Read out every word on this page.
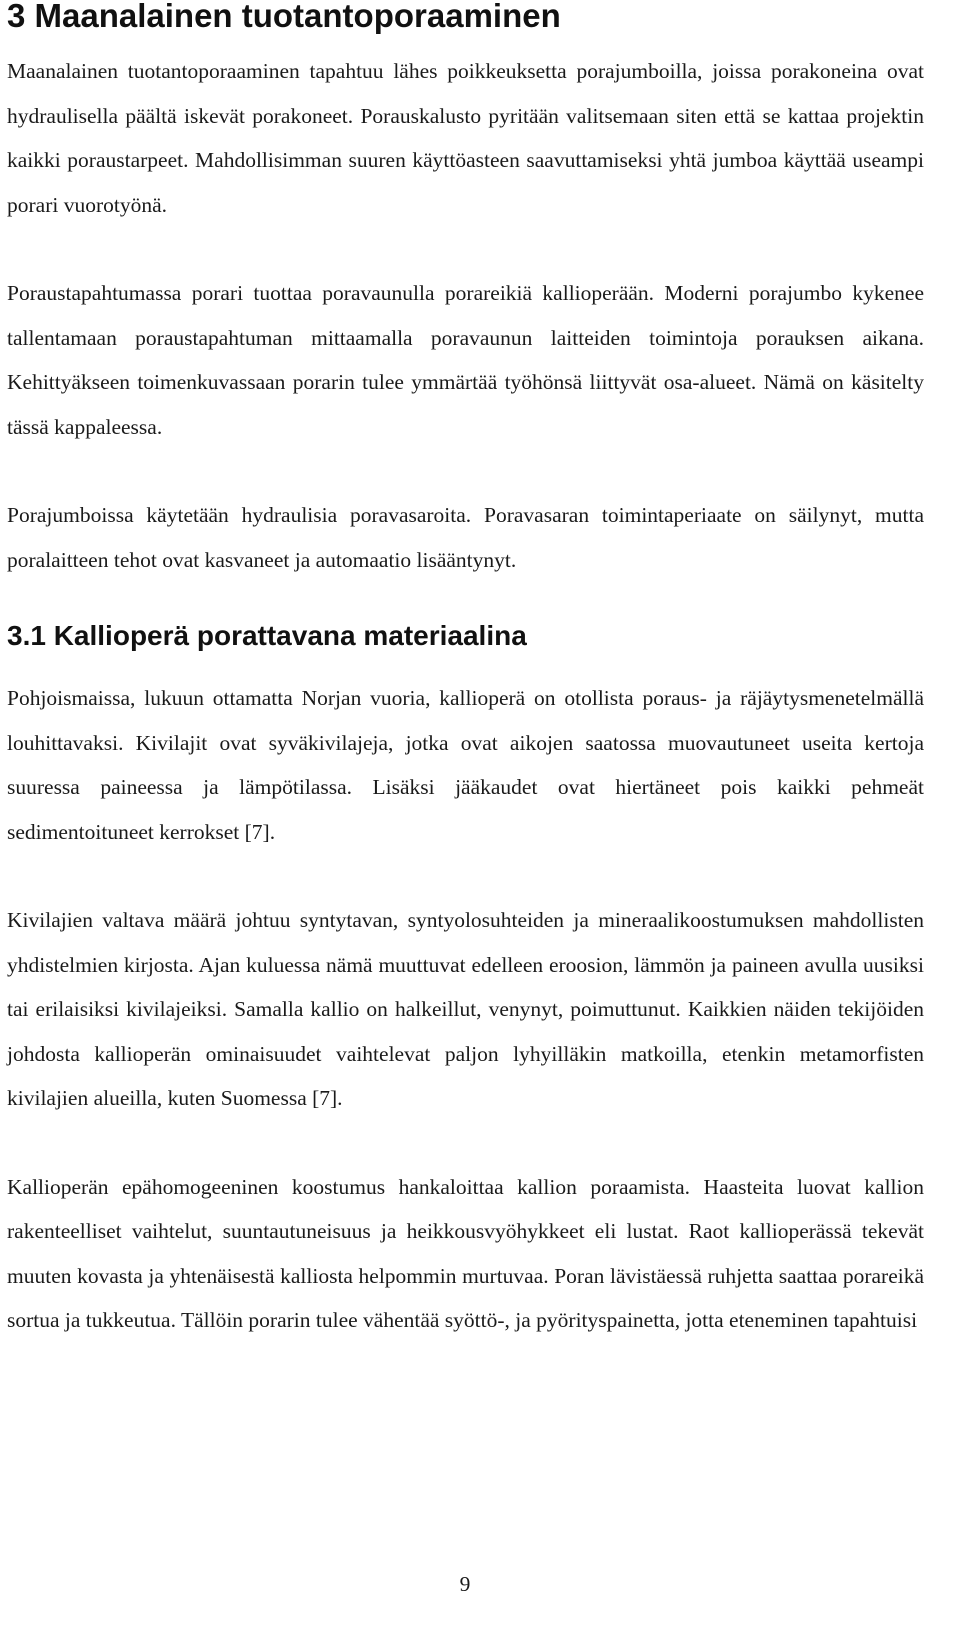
3 Maanalainen tuotantoporaaminen

Maanalainen tuotantoporaaminen tapahtuu lähes poikkeuksetta porajumboilla, joissa porakoneina ovat hydraulisella päältä iskevät porakoneet. Porauskalusto pyritään valitsemaan siten että se kattaa projektin kaikki poraustarpeet. Mahdollisimman suuren käyttöasteen saavuttamiseksi yhtä jumboa käyttää useampi porari vuorotyönä.

Poraustapahtumassa porari tuottaa poravaunulla porareikiä kallioperään. Moderni porajumbo kykenee tallentamaan poraustapahtuman mittaamalla poravaunun laitteiden toimintoja porauksen aikana. Kehittyäkseen toimenkuvassaan porarin tulee ymmärtää työhönsä liittyvät osa-alueet. Nämä on käsitelty tässä kappaleessa.

Porajumboissa käytetään hydraulisia poravasaroita. Poravasaran toimintaperiaate on säilynyt, mutta poralaitteen tehot ovat kasvaneet ja automaatio lisääntynyt.

3.1 Kallioperä porattavana materiaalina

Pohjoismaissa, lukuun ottamatta Norjan vuoria, kallioperä on otollista poraus- ja räjäytysmenetelmällä louhittavaksi. Kivilajit ovat syväkivilajeja, jotka ovat aikojen saatossa muovautuneet useita kertoja suuressa paineessa ja lämpötilassa. Lisäksi jääkaudet ovat hiertäneet pois kaikki pehmeät sedimentoituneet kerrokset [7].

Kivilajien valtava määrä johtuu syntytavan, syntyolosuhteiden ja mineraalikoostumuksen mahdollisten yhdistelmien kirjosta. Ajan kuluessa nämä muuttuvat edelleen eroosion, lämmön ja paineen avulla uusiksi tai erilaisiksi kivilajeiksi. Samalla kallio on halkeillut, venynyt, poimuttunut. Kaikkien näiden tekijöiden johdosta kallioperän ominaisuudet vaihtelevat paljon lyhyilläkin matkoilla, etenkin metamorfisten kivilajien alueilla, kuten Suomessa [7].

Kallioperän epähomogeeninen koostumus hankaloittaa kallion poraamista. Haasteita luovat kallion rakenteelliset vaihtelut, suuntautuneisuus ja heikkousvyöhykkeet eli lustat. Raot kallioperässä tekevät muuten kovasta ja yhtenäisestä kalliosta helpommin murtuvaa. Poran lävistäessä ruhjetta saattaa porareikä sortua ja tukkeutua. Tällöin porarin tulee vähentää syöttö-, ja pyörityspainetta, jotta eteneminen tapahtuisi

9
